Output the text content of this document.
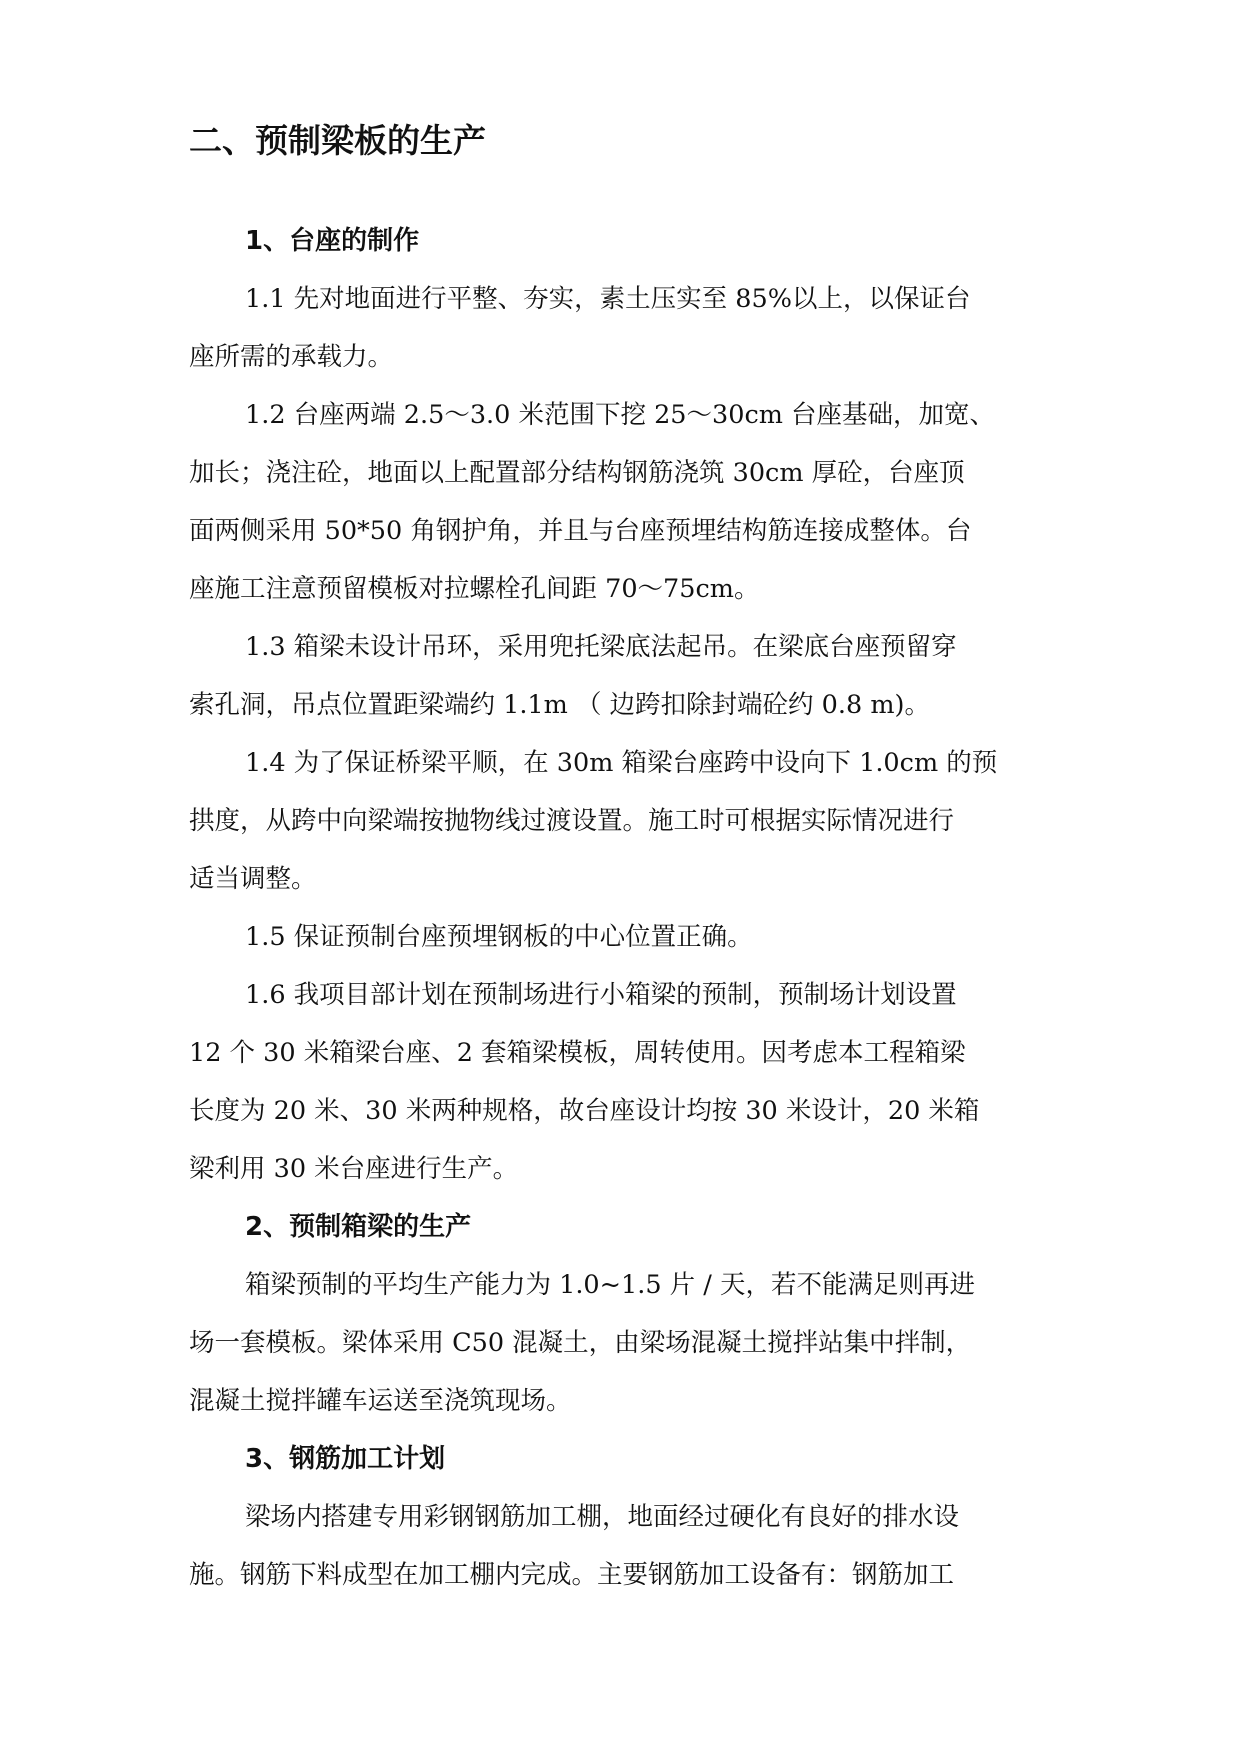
二、预制梁板的生产
1、台座的制作
1.1 先对地面进行平整、夯实，素土压实至 85%以上，以保证台
座所需的承载力。
1.2 台座两端 2.5～3.0 米范围下挖 25～30cm 台座基础，加宽、
加长；浇注砼，地面以上配置部分结构钢筋浇筑 30cm 厚砼，台座顶
面两侧采用 50*50 角钢护角，并且与台座预埋结构筋连接成整体。台
座施工注意预留模板对拉螺栓孔间距 70～75cm。
1.3 箱梁未设计吊环，采用兜托梁底法起吊。在梁底台座预留穿
索孔洞，吊点位置距梁端约 1.1m （ 边跨扣除封端砼约 0.8 m)。
1.4 为了保证桥梁平顺，在 30m 箱梁台座跨中设向下 1.0cm 的预
拱度，从跨中向梁端按抛物线过渡设置。施工时可根据实际情况进行
适当调整。
1.5 保证预制台座预埋钢板的中心位置正确。
1.6 我项目部计划在预制场进行小箱梁的预制，预制场计划设置
12 个 30 米箱梁台座、2 套箱梁模板，周转使用。因考虑本工程箱梁
长度为 20 米、30 米两种规格，故台座设计均按 30 米设计，20 米箱
梁利用 30 米台座进行生产。
2、预制箱梁的生产
箱梁预制的平均生产能力为 1.0~1.5 片 / 天，若不能满足则再进
场一套模板。梁体采用 C50 混凝土，由梁场混凝土搅拌站集中拌制，
混凝土搅拌罐车运送至浇筑现场。
3、钢筋加工计划
梁场内搭建专用彩钢钢筋加工棚，地面经过硬化有良好的排水设
施。钢筋下料成型在加工棚内完成。主要钢筋加工设备有：钢筋加工
